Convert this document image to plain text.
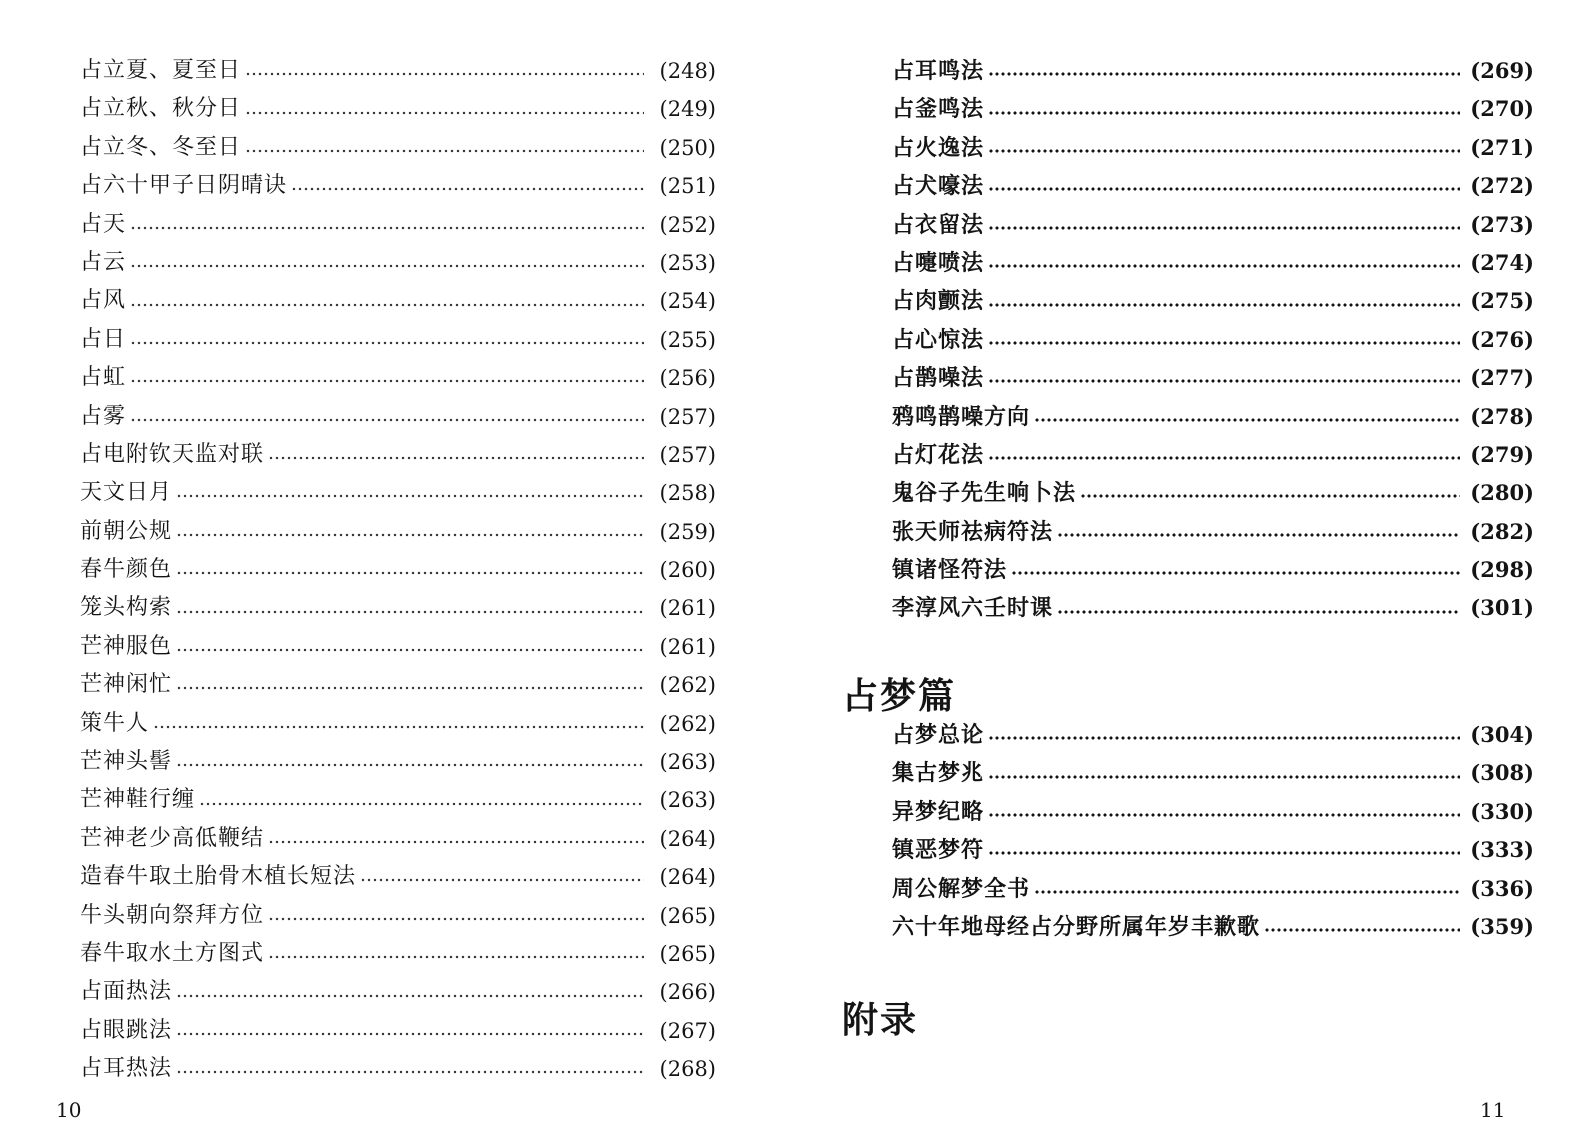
占立夏、夏至日	(248)
占立秋、秋分日	(249)
占立冬、冬至日	(250)
占六十甲子日阴晴诀	(251)
占天	(252)
占云	(253)
占风	(254)
占日	(255)
占虹	(256)
占雾	(257)
占电附钦天监对联	(257)
天文日月	(258)
前朝公规	(259)
春牛颜色	(260)
笼头构索	(261)
芒神服色	(261)
芒神闲忙	(262)
策牛人	(262)
芒神头髻	(263)
芒神鞋行缠	(263)
芒神老少高低鞭结	(264)
造春牛取土胎骨木植长短法	(264)
牛头朝向祭拜方位	(265)
春牛取水土方图式	(265)
占面热法	(266)
占眼跳法	(267)
占耳热法	(268)
10
占耳鸣法	(269)
占釜鸣法	(270)
占火逸法	(271)
占犬嚎法	(272)
占衣留法	(273)
占嚏喷法	(274)
占肉颤法	(275)
占心惊法	(276)
占鹊噪法	(277)
鸦鸣鹊噪方向	(278)
占灯花法	(279)
鬼谷子先生响卜法	(280)
张天师祛病符法	(282)
镇诸怪符法	(298)
李淳风六壬时课	(301)
占梦篇
占梦总论	(304)
集古梦兆	(308)
异梦纪略	(330)
镇恶梦符	(333)
周公解梦全书	(336)
六十年地母经占分野所属年岁丰歉歌	(359)
附录
11
